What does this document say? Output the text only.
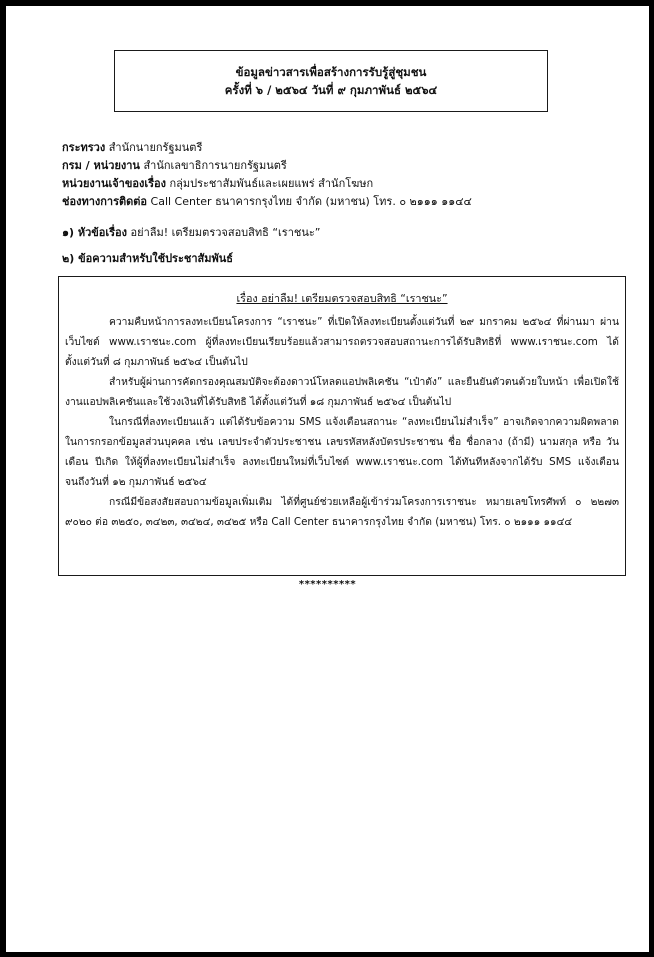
ข้อมูลข่าวสารเพื่อสร้างการรับรู้สู่ชุมชน
ครั้งที่ ๖ / ๒๕๖๔ วันที่ ๙ กุมภาพันธ์ ๒๕๖๔
กระทรวง สำนักนายกรัฐมนตรี
กรม / หน่วยงาน สำนักเลขาธิการนายกรัฐมนตรี
หน่วยงานเจ้าของเรื่อง กลุ่มประชาสัมพันธ์และเผยแพร่ สำนักโฆษก
ช่องทางการติดต่อ Call Center ธนาคารกรุงไทย จำกัด (มหาชน) โทร. ๐ ๒๑๑๑ ๑๑๔๔
๑) หัวข้อเรื่อง อย่าลืม! เตรียมตรวจสอบสิทธิ “เราชนะ”
๒) ข้อความสำหรับใช้ประชาสัมพันธ์
เรื่อง อย่าลืม! เตรียมตรวจสอบสิทธิ “เราชนะ”

ความคืบหน้าการลงทะเบียนโครงการ “เราชนะ” ที่เปิดให้ลงทะเบียนตั้งแต่วันที่ ๒๙ มกราคม ๒๕๖๔ ที่ผ่านมา ผ่านเว็บไซต์ www.เราชนะ.com ผู้ที่ลงทะเบียนเรียบร้อยแล้วสามารถตรวจสอบสถานะการได้รับสิทธิที่ www.เราชนะ.com ได้ตั้งแต่วันที่ ๘ กุมภาพันธ์ ๒๕๖๔ เป็นต้นไป

สำหรับผู้ผ่านการคัดกรองคุณสมบัติจะต้องดาวน์โหลดแอปพลิเคชัน “เป๋าตัง” และยืนยันตัวตนด้วยใบหน้า เพื่อเปิดใช้งานแอปพลิเคชันและใช้วงเงินที่ได้รับสิทธิ ได้ตั้งแต่วันที่ ๑๘ กุมภาพันธ์ ๒๕๖๔ เป็นต้นไป

ในกรณีที่ลงทะเบียนแล้ว แต่ได้รับข้อความ SMS แจ้งเตือนสถานะ “ลงทะเบียนไม่สำเร็จ” อาจเกิดจากความผิดพลาดในการกรอกข้อมูลส่วนบุคคล เช่น เลขประจำตัวประชาชน เลขรหัสหลังบัตรประชาชน ชื่อ ชื่อกลาง (ถ้ามี) นามสกุล หรือ วัน เดือน ปีเกิด ให้ผู้ที่ลงทะเบียนไม่สำเร็จ ลงทะเบียนใหม่ที่เว็บไซต์ www.เราชนะ.com ได้ทันทีหลังจากได้รับ SMS แจ้งเตือน จนถึงวันที่ ๑๒ กุมภาพันธ์ ๒๕๖๔

กรณีมีข้อสงสัยสอบถามข้อมูลเพิ่มเติม ได้ที่ศูนย์ช่วยเหลือผู้เข้าร่วมโครงการเราชนะ หมายเลขโทรศัพท์ ๐ ๒๒๗๓ ๙๐๒๐ ต่อ ๓๒๕๐, ๓๔๒๓, ๓๔๒๔, ๓๔๒๕ หรือ Call Center ธนาคารกรุงไทย จำกัด (มหาชน) โทร. ๐ ๒๑๑๑ ๑๑๔๔

**********
